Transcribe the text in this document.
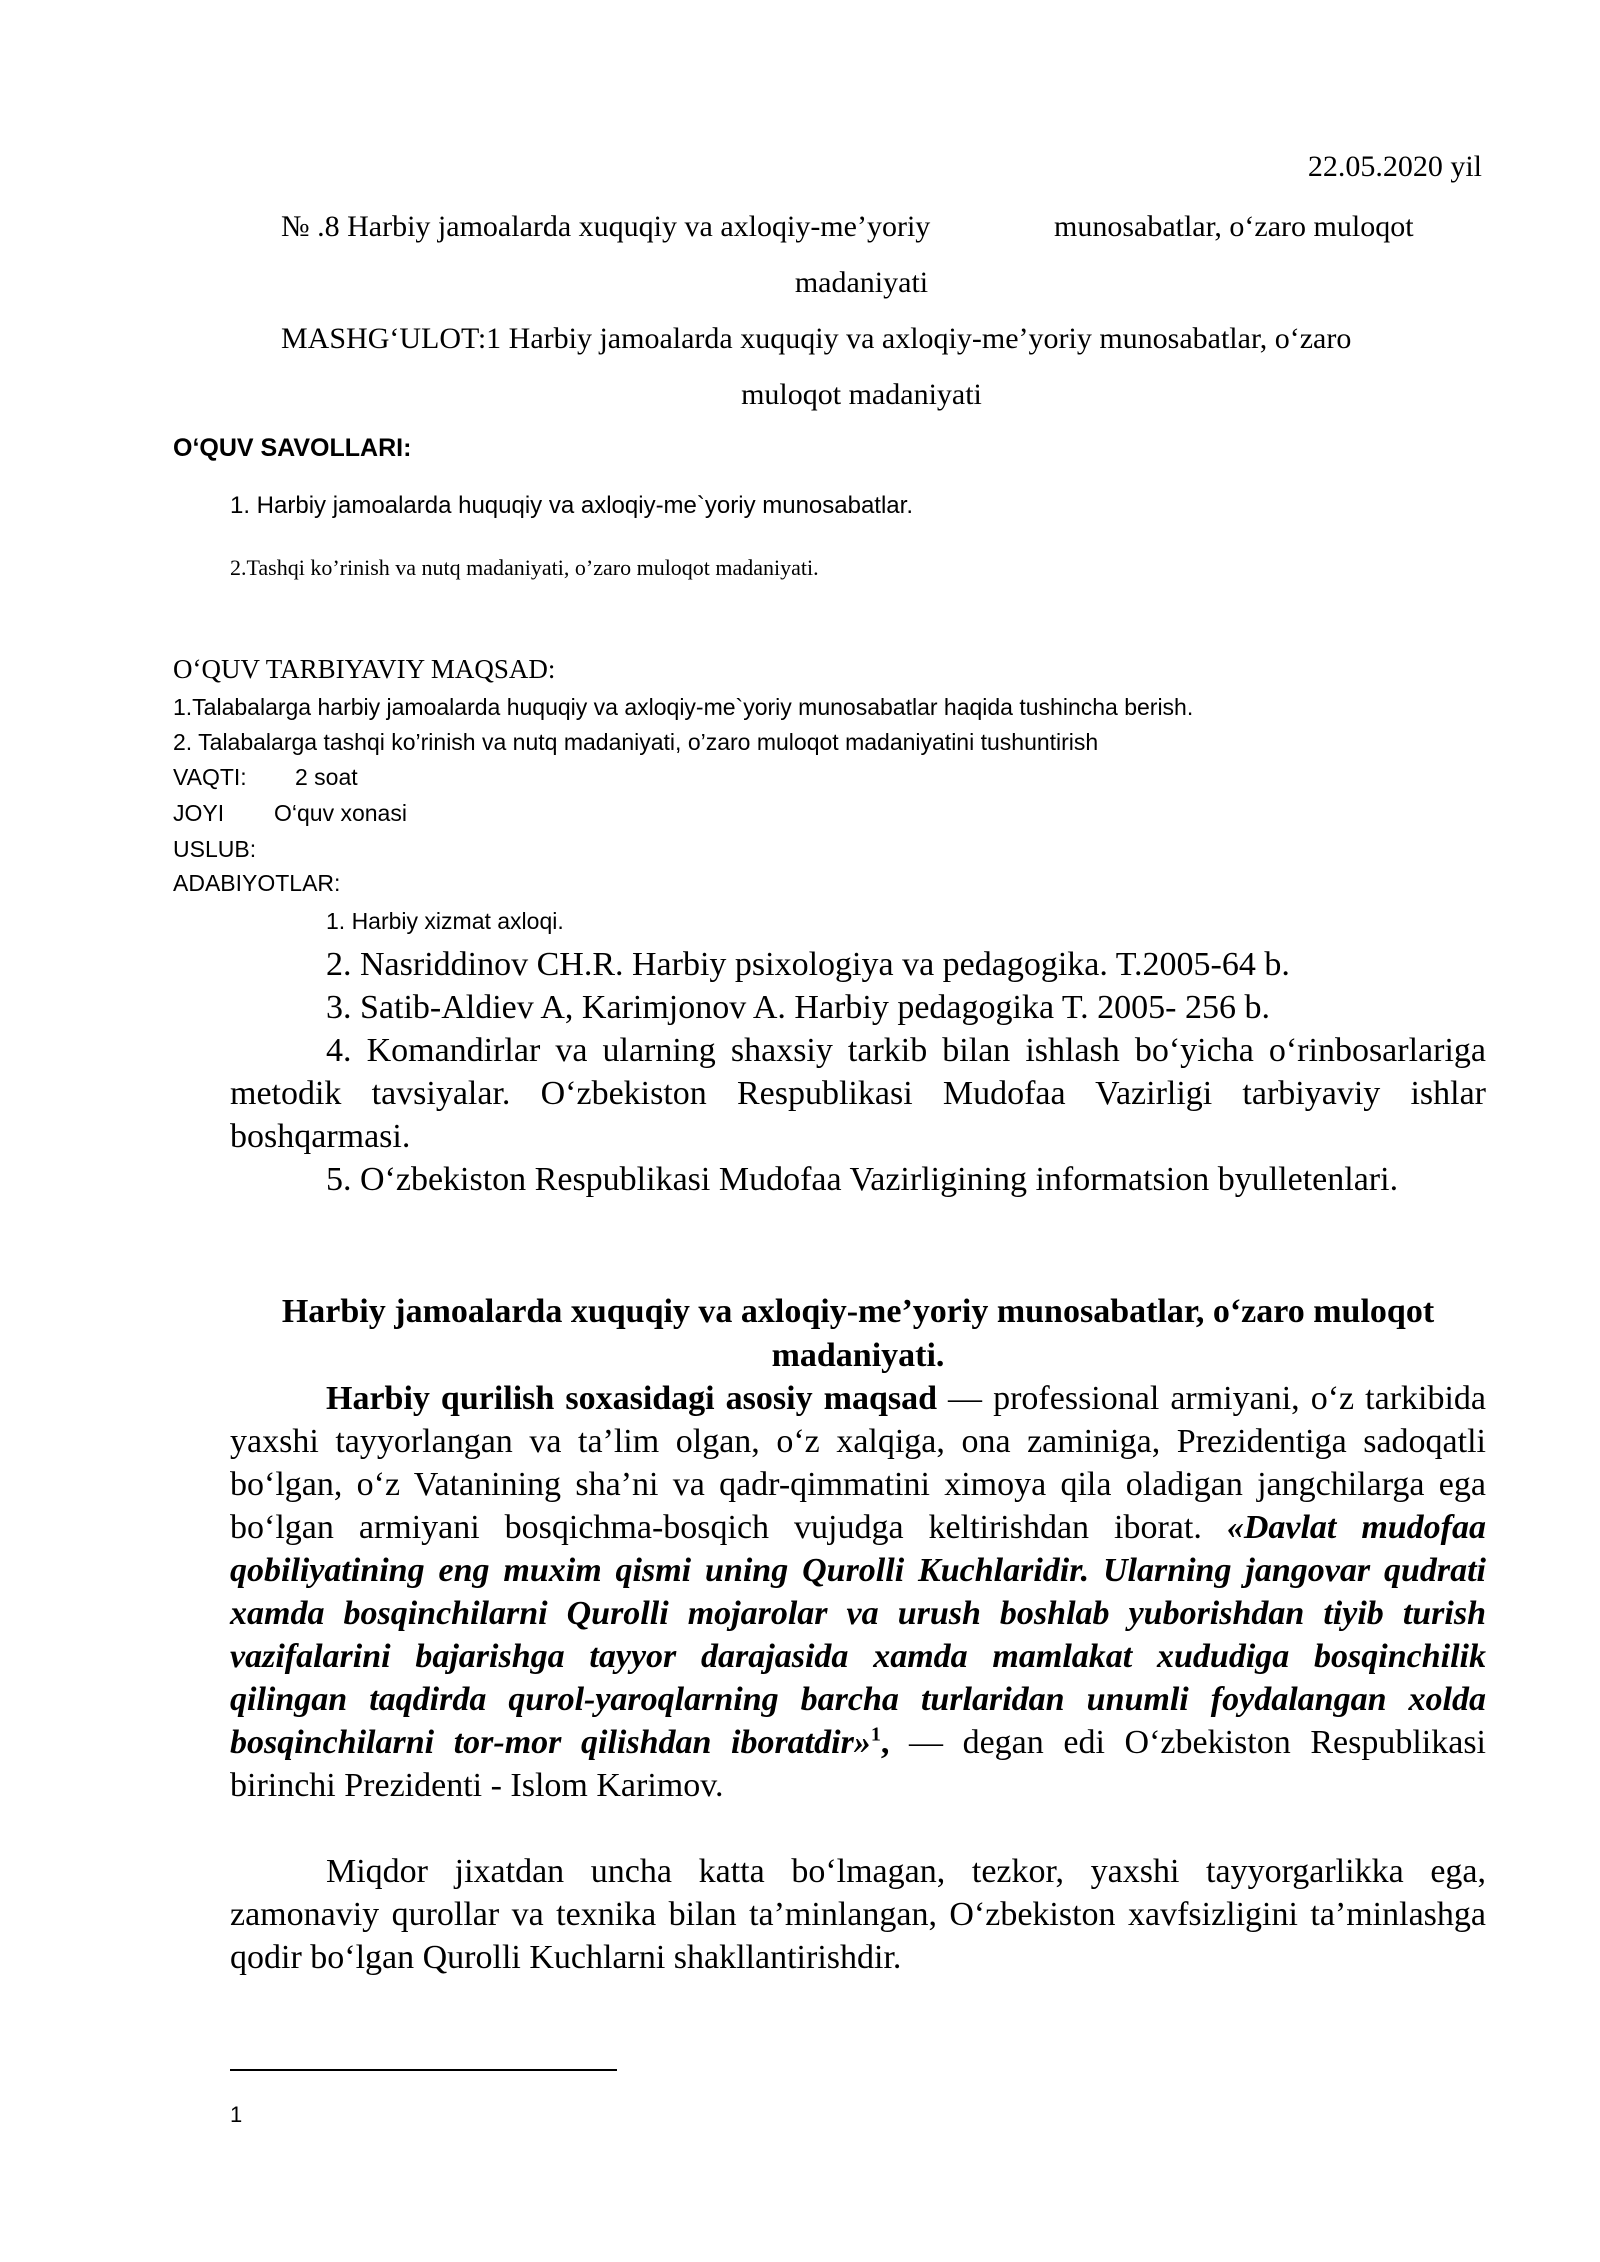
22.05.2020 yil
№ .8 Harbiy jamoalarda xuquqiy va axloqiy-me’yoriy	munosabatlar, o‘zaro muloqot
madaniyati
MASHG‘ULOT:1 Harbiy jamoalarda xuquqiy va axloqiy-me’yoriy munosabatlar, o‘zaro
muloqot madaniyati
O‘QUV SAVOLLARI:
1. Harbiy jamoalarda huquqiy va axloqiy-me`yoriy munosabatlar.
2.Tashqi ko’rinish va nutq madaniyati, o’zaro muloqot madaniyati.
O‘QUV TARBIYAVIY MAQSAD:
1.Talabalarga harbiy jamoalarda huquqiy va axloqiy-me`yoriy munosabatlar haqida tushincha berish.
2. Talabalarga tashqi ko’rinish va nutq madaniyati, o’zaro muloqot madaniyatini tushuntirish
VAQTI: 2 soat
JOYI O‘quv xonasi
USLUB:
ADABIYOTLAR:
1. Harbiy xizmat axloqi.
2. Nasriddinov CH.R. Harbiy psixologiya va pedagogika. T.2005-64 b.
3. Satib-Aldiev A, Karimjonov A. Harbiy pedagogika T. 2005- 256 b.
4. Komandirlar va ularning shaxsiy tarkib bilan ishlash bo‘yicha o‘rinbosarlariga metodik tavsiyalar. O‘zbekiston Respublikasi Mudofaa Vazirligi tarbiyaviy ishlar boshqarmasi.
5. O‘zbekiston Respublikasi Mudofaa Vazirligining informatsion byulletenlari.
Harbiy jamoalarda xuquqiy va axloqiy-me’yoriy munosabatlar, o‘zaro muloqot madaniyati.
Harbiy qurilish soxasidagi asosiy maqsad — professional armiyani, o‘z tarkibida yaxshi tayyorlangan va ta’lim olgan, o‘z xalqiga, ona zaminiga, Prezidentiga sadoqatli bo‘lgan, o‘z Vatanining sha’ni va qadr-qimmatini ximoya qila oladigan jangchilarga ega bo‘lgan armiyani bosqichma-bosqich vujudga keltirishdan iborat. «Davlat mudofaa qobiliyatining eng muxim qismi uning Qurolli Kuchlaridir. Ularning jangovar qudrati xamda bosqinchilarni Qurolli mojarolar va urush boshlab yuborishdan tiyib turish vazifalarini bajarishga tayyor darajasida xamda mamlakat xududiga bosqinchilik qilingan taqdirda qurol-yaroqlarning barcha turlaridan unumli foydalangan xolda bosqinchilarni tor-mor qilishdan iboratdir»$^1$, — degan edi O‘zbekiston Respublikasi birinchi Prezidenti - Islom Karimov.
Miqdor jixatdan uncha katta bo‘lmagan, tezkor, yaxshi tayyorgarlikka ega, zamonaviy qurollar va texnika bilan ta’minlangan, O‘zbekiston xavfsizligini ta’minlashga qodir bo‘lgan Qurolli Kuchlarni shakllantirishdir.
1
